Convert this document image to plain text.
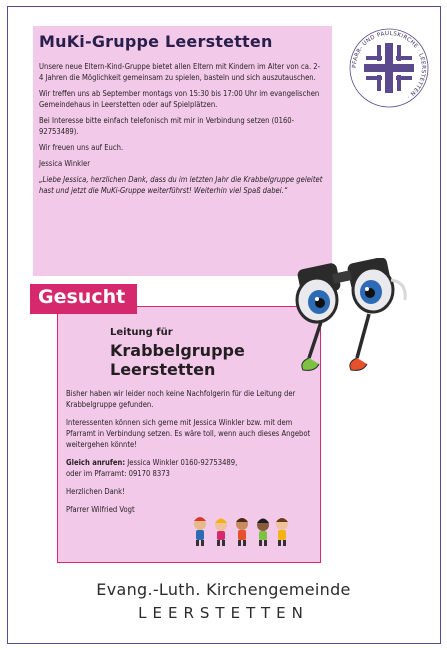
MuKi-Gruppe Leerstetten

Unsere neue Eltern-Kind-Gruppe bietet allen Eltern mit Kindern im Alter von ca. 2-4 Jahren die Möglichkeit gemeinsam zu spielen, basteln und sich auszutauschen.

Wir treffen uns ab September montags von 15:30 bis 17:00 Uhr im evangelischen Gemeindehaus in Leerstetten oder auf Spielplätzen.

Bei Interesse bitte einfach telefonisch mit mir in Verbindung setzen (0160-92753489).

Wir freuen uns auf Euch.

Jessica Winkler

„Liebe Jessica, herzlichen Dank, dass du im letzten Jahr die Krabbelgruppe geleitet hast und jetzt die MuKi-Gruppe weiterführst! Weiterhin viel Spaß dabei.“

PFARR- UND PAULSKIRCHE · LEERSTETTEN ·
Gesucht
Leitung für
Krabbelgruppe
Leerstetten

Bisher haben wir leider noch keine Nachfolgerin für die Leitung der Krabbelgruppe gefunden.

Interessenten können sich gerne mit Jessica Winkler bzw. mit dem Pfarramt in Verbindung setzen. Es wäre toll, wenn auch dieses Angebot weitergehen könnte!

Gleich anrufen: Jessica Winkler 0160-92753489,
oder im Pfarramt: 09170 8373

Herzlichen Dank!

Pfarrer Wilfried Vogt

Evang.-Luth. Kirchengemeinde
LEERSTETTEN
